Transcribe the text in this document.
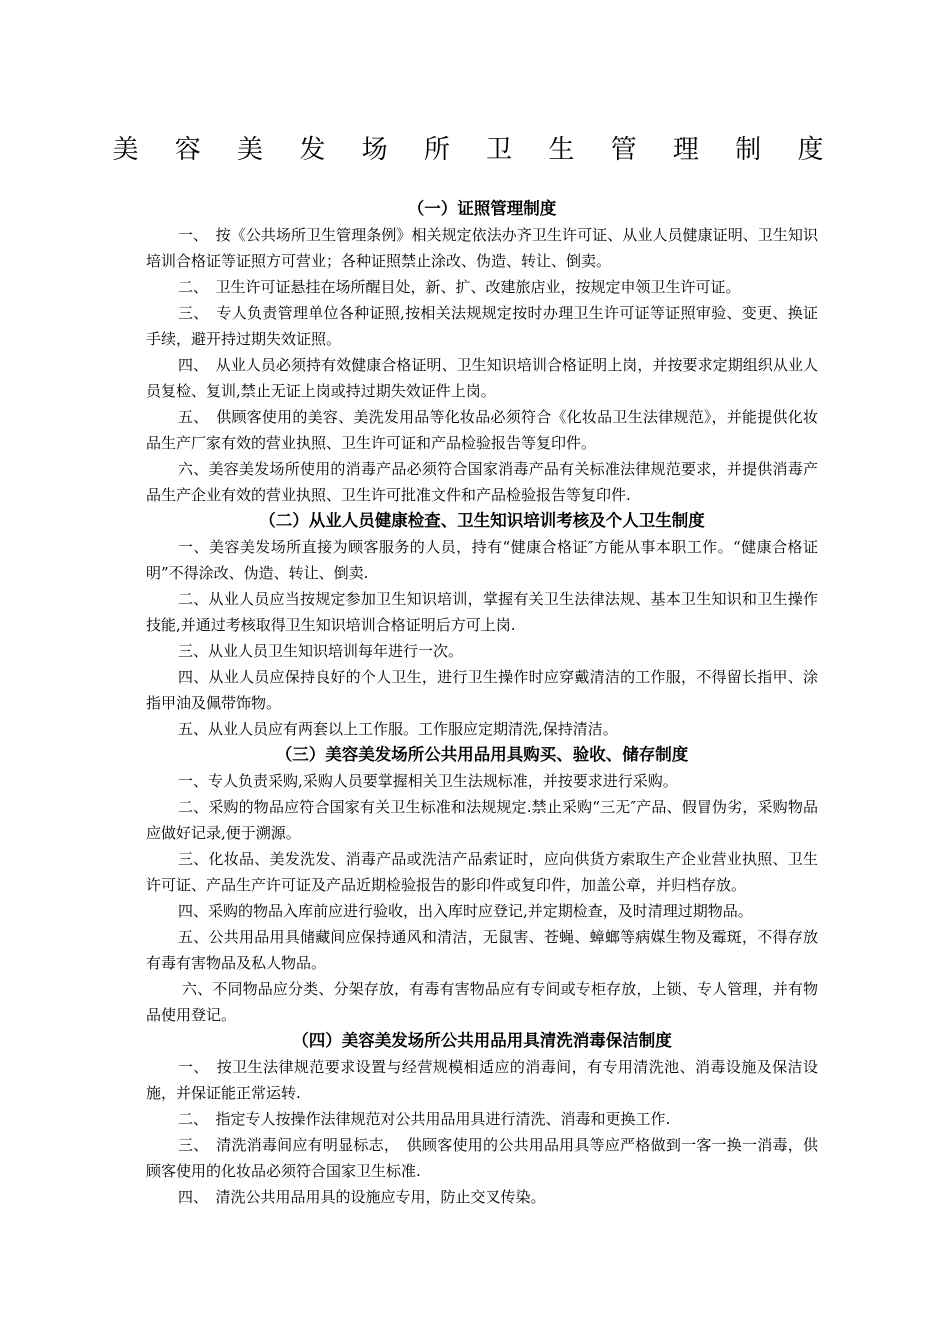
美 容 美 发 场 所 卫 生 管 理 制 度
（一）证照管理制度

一、　按《公共场所卫生管理条例》相关规定依法办齐卫生许可证、从业人员健康证明、卫生知识培训合格证等证照方可营业；各种证照禁止涂改、伪造、转让、倒卖。

二、　卫生许可证悬挂在场所醒目处，新、扩、改建旅店业，按规定申领卫生许可证。

三、　专人负责管理单位各种证照,按相关法规规定按时办理卫生许可证等证照审验、变更、换证手续，避开持过期失效证照。

四、　从业人员必须持有效健康合格证明、卫生知识培训合格证明上岗，并按要求定期组织从业人员复检、复训,禁止无证上岗或持过期失效证件上岗。

五、　供顾客使用的美容、美洗发用品等化妆品必须符合《化妆品卫生法律规范》，并能提供化妆品生产厂家有效的营业执照、卫生许可证和产品检验报告等复印件。

六、美容美发场所使用的消毒产品必须符合国家消毒产品有关标准法律规范要求，并提供消毒产品生产企业有效的营业执照、卫生许可批准文件和产品检验报告等复印件.

（二）从业人员健康检查、卫生知识培训考核及个人卫生制度

一、美容美发场所直接为顾客服务的人员，持有“健康合格证″方能从事本职工作。“健康合格证明”不得涂改、伪造、转让、倒卖.

二、从业人员应当按规定参加卫生知识培训，掌握有关卫生法律法规、基本卫生知识和卫生操作技能,并通过考核取得卫生知识培训合格证明后方可上岗.

三、从业人员卫生知识培训每年进行一次。

四、从业人员应保持良好的个人卫生，进行卫生操作时应穿戴清洁的工作服，不得留长指甲、涂指甲油及佩带饰物。

五、从业人员应有两套以上工作服。工作服应定期清洗,保持清洁。

（三）美容美发场所公共用品用具购买、验收、储存制度

一、专人负责采购,采购人员要掌握相关卫生法规标准，并按要求进行采购。

二、采购的物品应符合国家有关卫生标准和法规规定.禁止采购“三无″产品、假冒伪劣，采购物品应做好记录,便于溯源。

三、化妆品、美发洗发、消毒产品或洗洁产品索证时，应向供货方索取生产企业营业执照、卫生许可证、产品生产许可证及产品近期检验报告的影印件或复印件，加盖公章，并归档存放。

四、采购的物品入库前应进行验收，出入库时应登记,并定期检查，及时清理过期物品。

五、公共用品用具储藏间应保持通风和清洁，无鼠害、苍蝇、蟑螂等病媒生物及霉斑，不得存放有毒有害物品及私人物品。

六、不同物品应分类、分架存放，有毒有害物品应有专间或专柜存放，上锁、专人管理，并有物品使用登记。

（四）美容美发场所公共用品用具清洗消毒保洁制度

一、　按卫生法律规范要求设置与经营规模相适应的消毒间，有专用清洗池、消毒设施及保洁设施，并保证能正常运转.

二、　指定专人按操作法律规范对公共用品用具进行清洗、消毒和更换工作.

三、　清洗消毒间应有明显标志，　供顾客使用的公共用品用具等应严格做到一客一换一消毒，供顾客使用的化妆品必须符合国家卫生标准.

四、　清洗公共用品用具的设施应专用，防止交叉传染。
